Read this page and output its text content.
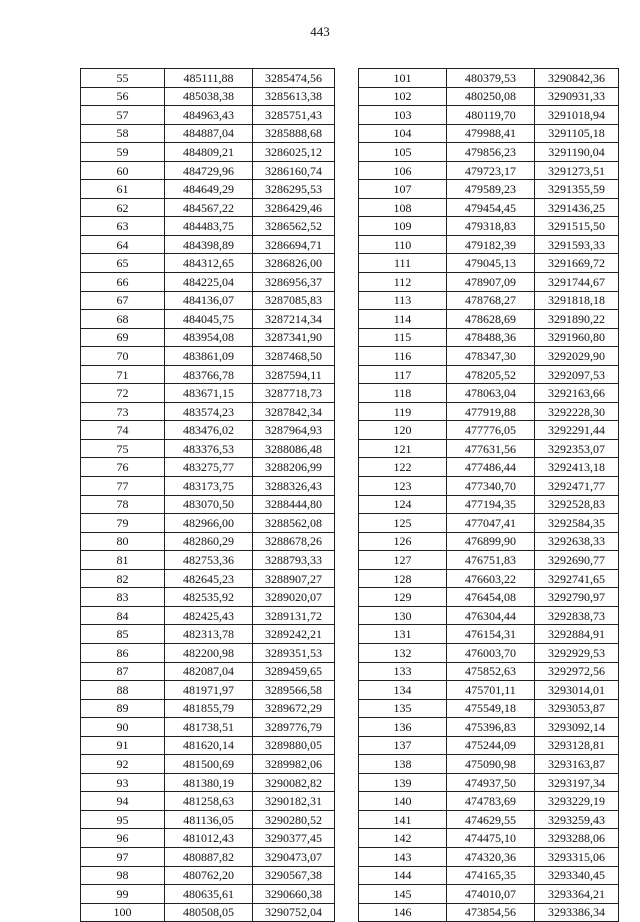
443
55	485111,88	3285474,56
56	485038,38	3285613,38
57	484963,43	3285751,43
58	484887,04	3285888,68
59	484809,21	3286025,12
60	484729,96	3286160,74
61	484649,29	3286295,53
62	484567,22	3286429,46
63	484483,75	3286562,52
64	484398,89	3286694,71
65	484312,65	3286826,00
66	484225,04	3286956,37
67	484136,07	3287085,83
68	484045,75	3287214,34
69	483954,08	3287341,90
70	483861,09	3287468,50
71	483766,78	3287594,11
72	483671,15	3287718,73
73	483574,23	3287842,34
74	483476,02	3287964,93
75	483376,53	3288086,48
76	483275,77	3288206,99
77	483173,75	3288326,43
78	483070,50	3288444,80
79	482966,00	3288562,08
80	482860,29	3288678,26
81	482753,36	3288793,33
82	482645,23	3288907,27
83	482535,92	3289020,07
84	482425,43	3289131,72
85	482313,78	3289242,21
86	482200,98	3289351,53
87	482087,04	3289459,65
88	481971,97	3289566,58
89	481855,79	3289672,29
90	481738,51	3289776,79
91	481620,14	3289880,05
92	481500,69	3289982,06
93	481380,19	3290082,82
94	481258,63	3290182,31
95	481136,05	3290280,52
96	481012,43	3290377,45
97	480887,82	3290473,07
98	480762,20	3290567,38
99	480635,61	3290660,38
100	480508,05	3290752,04
101	480379,53	3290842,36
102	480250,08	3290931,33
103	480119,70	3291018,94
104	479988,41	3291105,18
105	479856,23	3291190,04
106	479723,17	3291273,51
107	479589,23	3291355,59
108	479454,45	3291436,25
109	479318,83	3291515,50
110	479182,39	3291593,33
111	479045,13	3291669,72
112	478907,09	3291744,67
113	478768,27	3291818,18
114	478628,69	3291890,22
115	478488,36	3291960,80
116	478347,30	3292029,90
117	478205,52	3292097,53
118	478063,04	3292163,66
119	477919,88	3292228,30
120	477776,05	3292291,44
121	477631,56	3292353,07
122	477486,44	3292413,18
123	477340,70	3292471,77
124	477194,35	3292528,83
125	477047,41	3292584,35
126	476899,90	3292638,33
127	476751,83	3292690,77
128	476603,22	3292741,65
129	476454,08	3292790,97
130	476304,44	3292838,73
131	476154,31	3292884,91
132	476003,70	3292929,53
133	475852,63	3292972,56
134	475701,11	3293014,01
135	475549,18	3293053,87
136	475396,83	3293092,14
137	475244,09	3293128,81
138	475090,98	3293163,87
139	474937,50	3293197,34
140	474783,69	3293229,19
141	474629,55	3293259,43
142	474475,10	3293288,06
143	474320,36	3293315,06
144	474165,35	3293340,45
145	474010,07	3293364,21
146	473854,56	3293386,34
